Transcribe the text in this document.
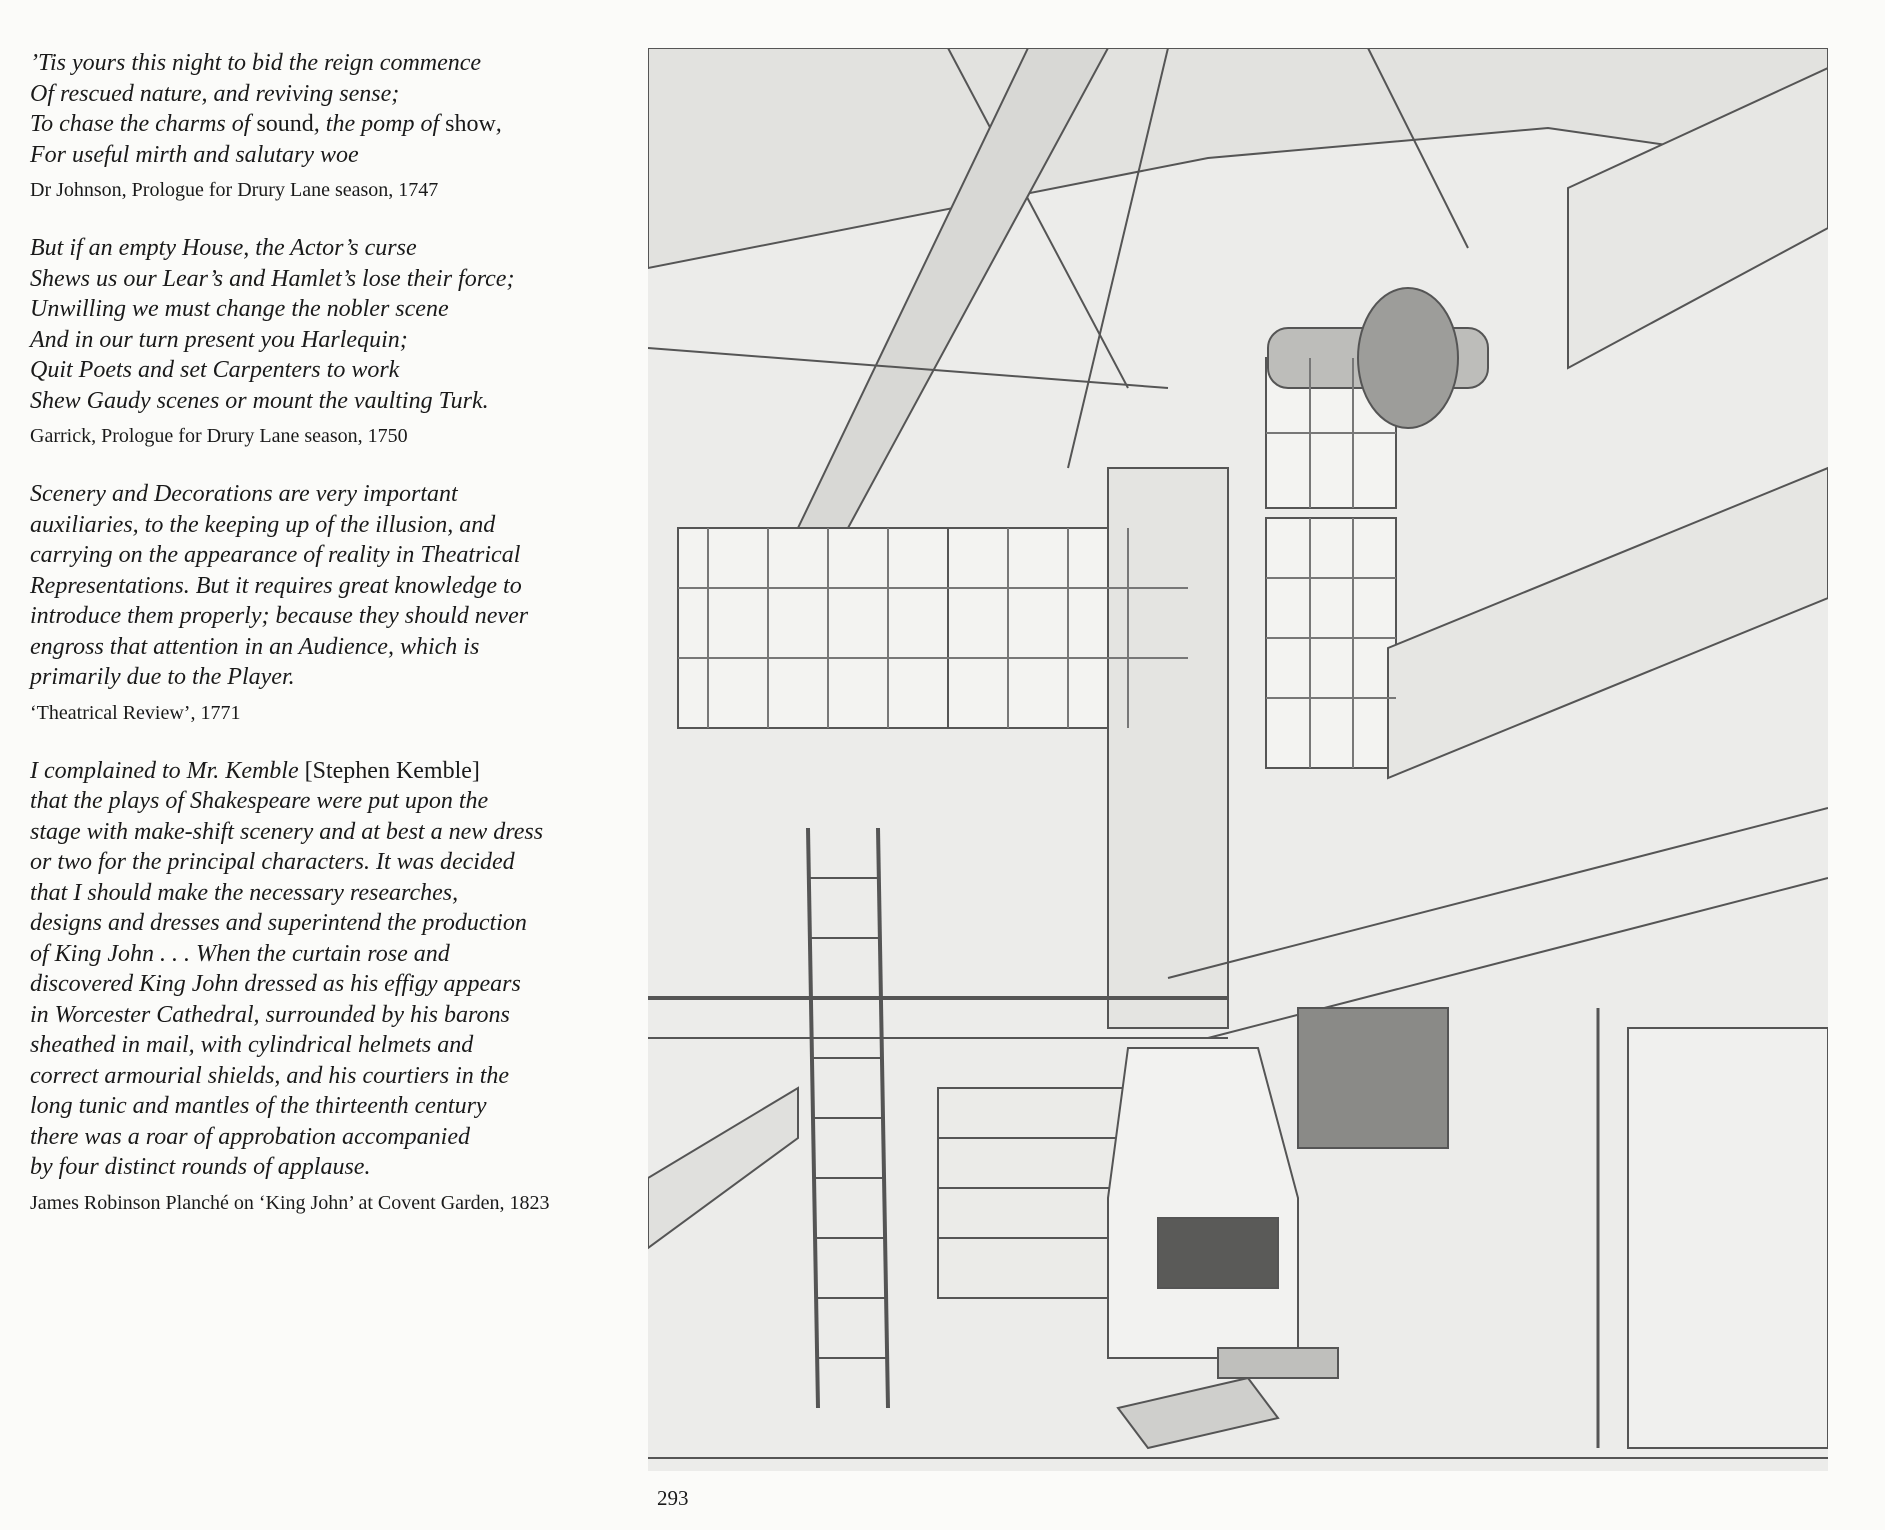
’Tis yours this night to bid the reign commence
Of rescued nature, and reviving sense;
To chase the charms of sound, the pomp of show,
For useful mirth and salutary woe
Dr Johnson, Prologue for Drury Lane season, 1747
But if an empty House, the Actor’s curse
Shews us our Lear’s and Hamlet’s lose their force;
Unwilling we must change the nobler scene
And in our turn present you Harlequin;
Quit Poets and set Carpenters to work
Shew Gaudy scenes or mount the vaulting Turk.
Garrick, Prologue for Drury Lane season, 1750
Scenery and Decorations are very important
auxiliaries, to the keeping up of the illusion, and
carrying on the appearance of reality in Theatrical
Representations. But it requires great knowledge to
introduce them properly; because they should never
engross that attention in an Audience, which is
primarily due to the Player.
‘Theatrical Review’, 1771
I complained to Mr. Kemble [Stephen Kemble]
that the plays of Shakespeare were put upon the
stage with make-shift scenery and at best a new dress
or two for the principal characters. It was decided
that I should make the necessary researches,
designs and dresses and superintend the production
of King John . . . When the curtain rose and
discovered King John dressed as his effigy appears
in Worcester Cathedral, surrounded by his barons
sheathed in mail, with cylindrical helmets and
correct armourial shields, and his courtiers in the
long tunic and mantles of the thirteenth century
there was a roar of approbation accompanied
by four distinct rounds of applause.
James Robinson Planché on ‘King John’ at Covent Garden, 1823
293
